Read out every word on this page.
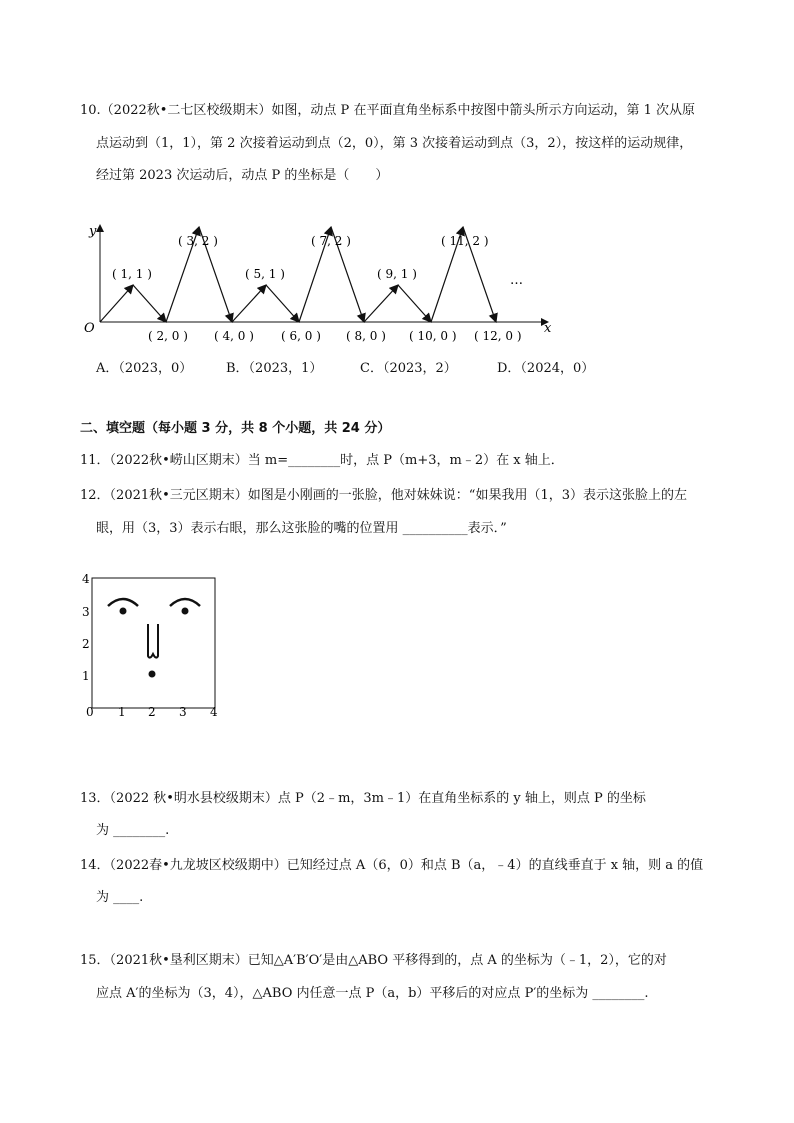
10.（2022秋•二七区校级期末）如图，动点 P 在平面直角坐标系中按图中箭头所示方向运动，第 1 次从原
点运动到（1，1），第 2 次接着运动到点（2，0），第 3 次接着运动到点（3，2），按这样的运动规律，
经过第 2023 次运动后，动点 P 的坐标是（　　）
y
x
O
( 1, 1 )
( 2, 0 )
( 3, 2 )
( 4, 0 )
( 5, 1 )
( 6, 0 )
( 7, 2 )
( 8, 0 )
( 9, 1 )
( 10, 0 )
( 11, 2 )
( 12, 0 )
…
A．（2023，0）	B．（2023，1）	C．（2023，2）	D．（2024，0）
二、填空题（每小题 3 分，共 8 个小题，共 24 分）
11．（2022秋•崂山区期末）当 m=________时，点 P（m+3，m﹣2）在 x 轴上．
12．（2021秋•三元区期末）如图是小刚画的一张脸，他对妹妹说：“如果我用（1，3）表示这张脸上的左
眼，用（3，3）表示右眼，那么这张脸的嘴的位置用 __________表示．”
4
3
2
1
0 1 2 3 4
13．（2022 秋•明水县校级期末）点 P（2﹣m，3m﹣1）在直角坐标系的 y 轴上，则点 P 的坐标
为 ________.
14．（2022春•九龙坡区校级期中）已知经过点 A（6，0）和点 B（a，﹣4）的直线垂直于 x 轴，则 a 的值
为 ____.
15．（2021秋•垦利区期末）已知△A′B′O′是由△ABO 平移得到的，点 A 的坐标为（﹣1，2），它的对
应点 A′的坐标为（3，4），△ABO 内任意一点 P（a，b）平移后的对应点 P′的坐标为 ________.
